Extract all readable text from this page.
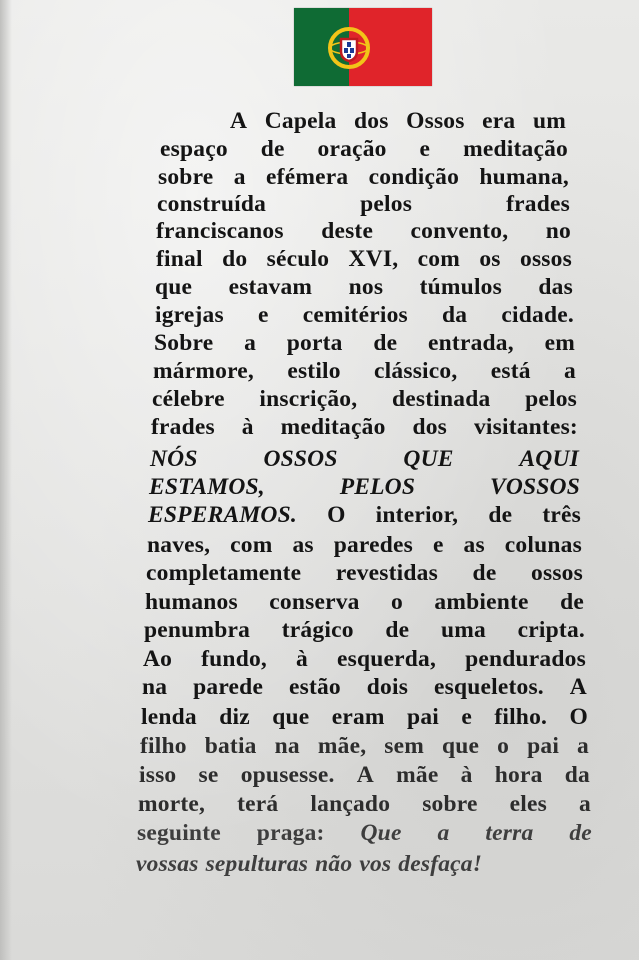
A Capela dos Ossos era um
espaço de oração e meditação
sobre a efémera condição humana,
construída	pelos	frades
franciscanos deste convento, no
final do século XVI, com os ossos
que estavam nos túmulos das
igrejas e cemitérios da cidade.
Sobre a porta de entrada, em
mármore, estilo clássico, está a
célebre inscrição, destinada pelos
frades à meditação dos visitantes:
NÓS	OSSOS	QUE	AQUI
ESTAMOS,	PELOS	VOSSOS
ESPERAMOS. O interior, de três
naves, com as paredes e as colunas
completamente revestidas de ossos
humanos conserva o ambiente de
penumbra trágico de uma cripta.
Ao fundo, à esquerda, pendurados
na parede estão dois esqueletos. A
lenda diz que eram pai e filho. O
filho batia na mãe, sem que o pai a
isso se opusesse. A mãe à hora da
morte, terá lançado sobre eles a
seguinte praga: Que a terra de
vossas sepulturas não vos desfaça!
